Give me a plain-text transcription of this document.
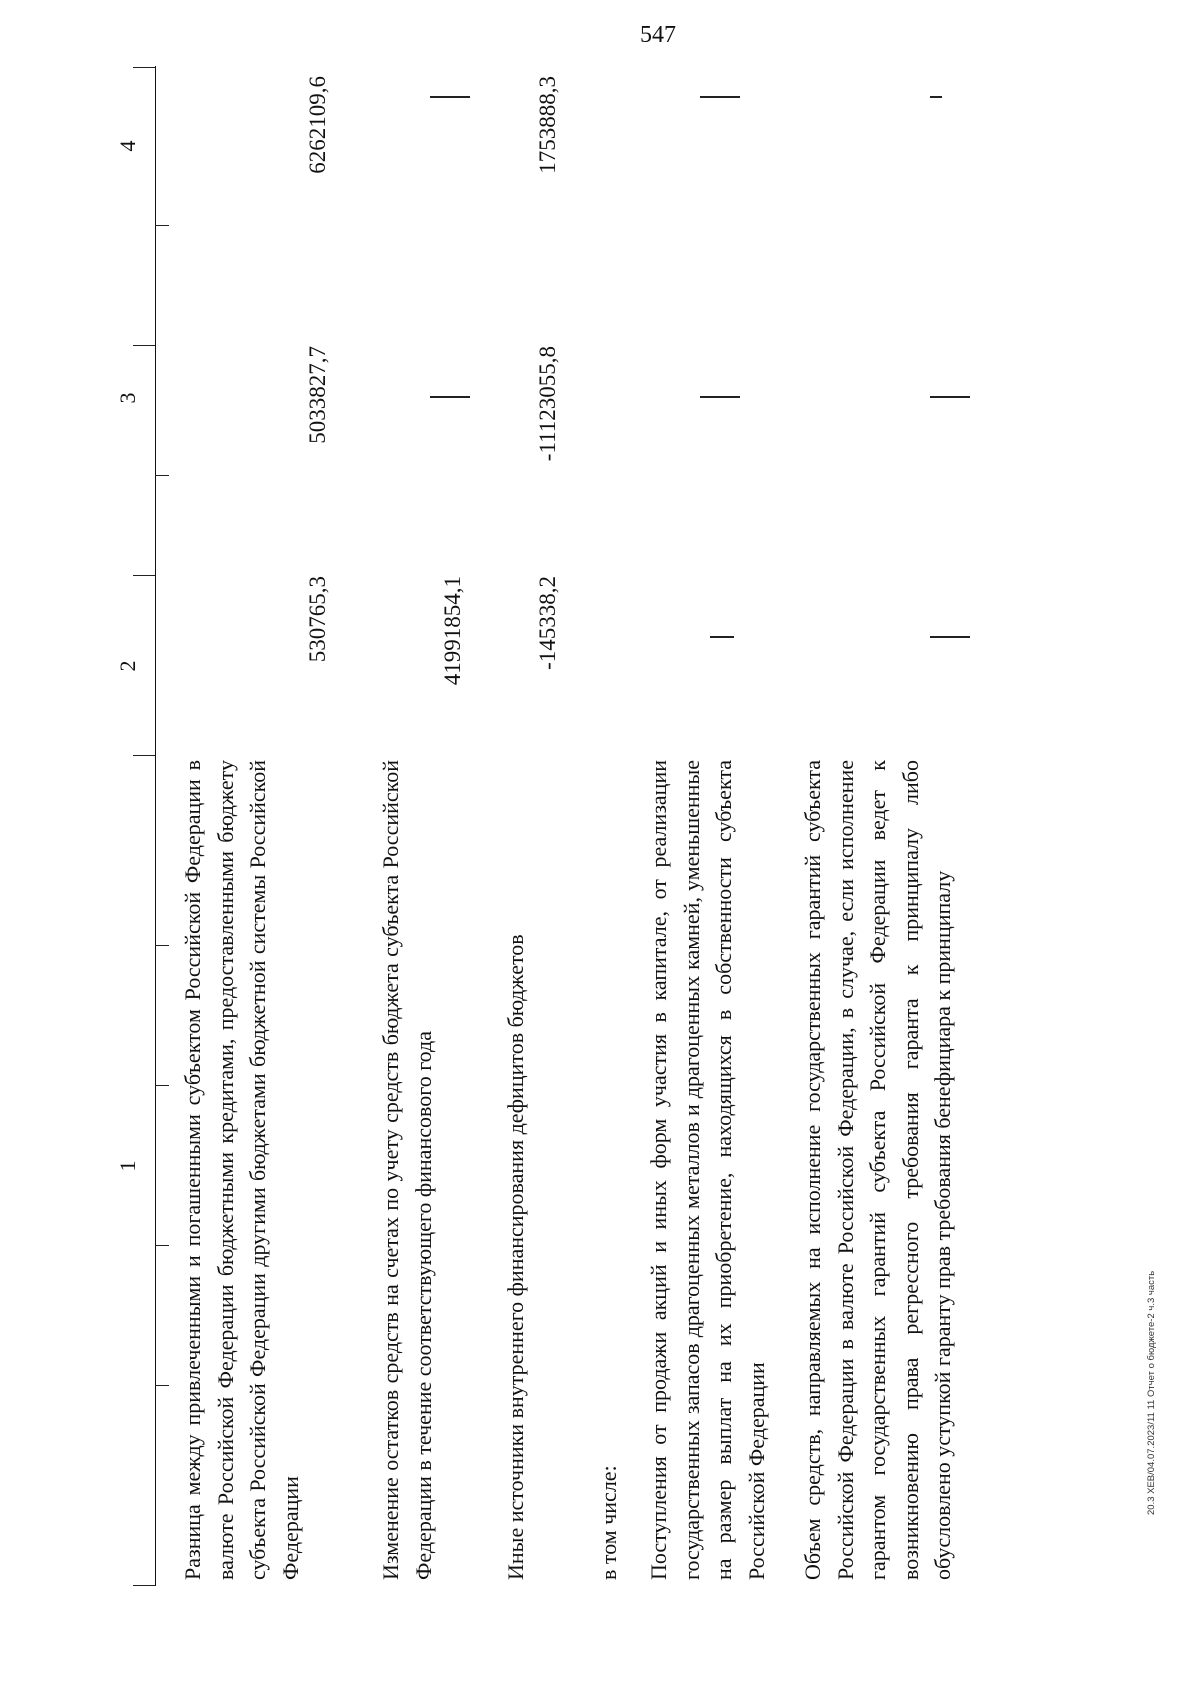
547
1
2
3
4
Разница между привлеченными и погашенными субъектом Российской Федерации в валюте Российской Федерации бюджетными кредитами, предоставленными бюджету субъекта Российской Федерации другими бюджетами бюджетной системы Российской Федерации
530765,3
5033827,7
6262109,6
Изменение остатков средств на счетах по учету средств бюджета субъекта Российской Федерации в течение соответствующего финансового года
41991854,1
Иные источники внутреннего финансирования дефицитов бюджетов
-145338,2
-11123055,8
1753888,3
в том числе: Поступления от продажи акций и иных форм участия в капитале, от реализации государственных запасов драгоценных металлов и драгоценных камней, уменьшенные на размер выплат на их приобретение, находящихся в собственности субъекта Российской Федерации Объем средств, направляемых на исполнение государственных гарантий субъекта Российской Федерации в валюте Российской Федерации, в случае, если исполнение гарантом государственных гарантий субъекта Российской Федерации ведет к возникновению права регрессного требования гаранта к принципалу либо обусловлено уступкой гаранту прав требования бенефициара к принципалу	20.3 ХЕВ/04.07.2023/11 11 Отчет о бюджете-2 ч.3 часть
